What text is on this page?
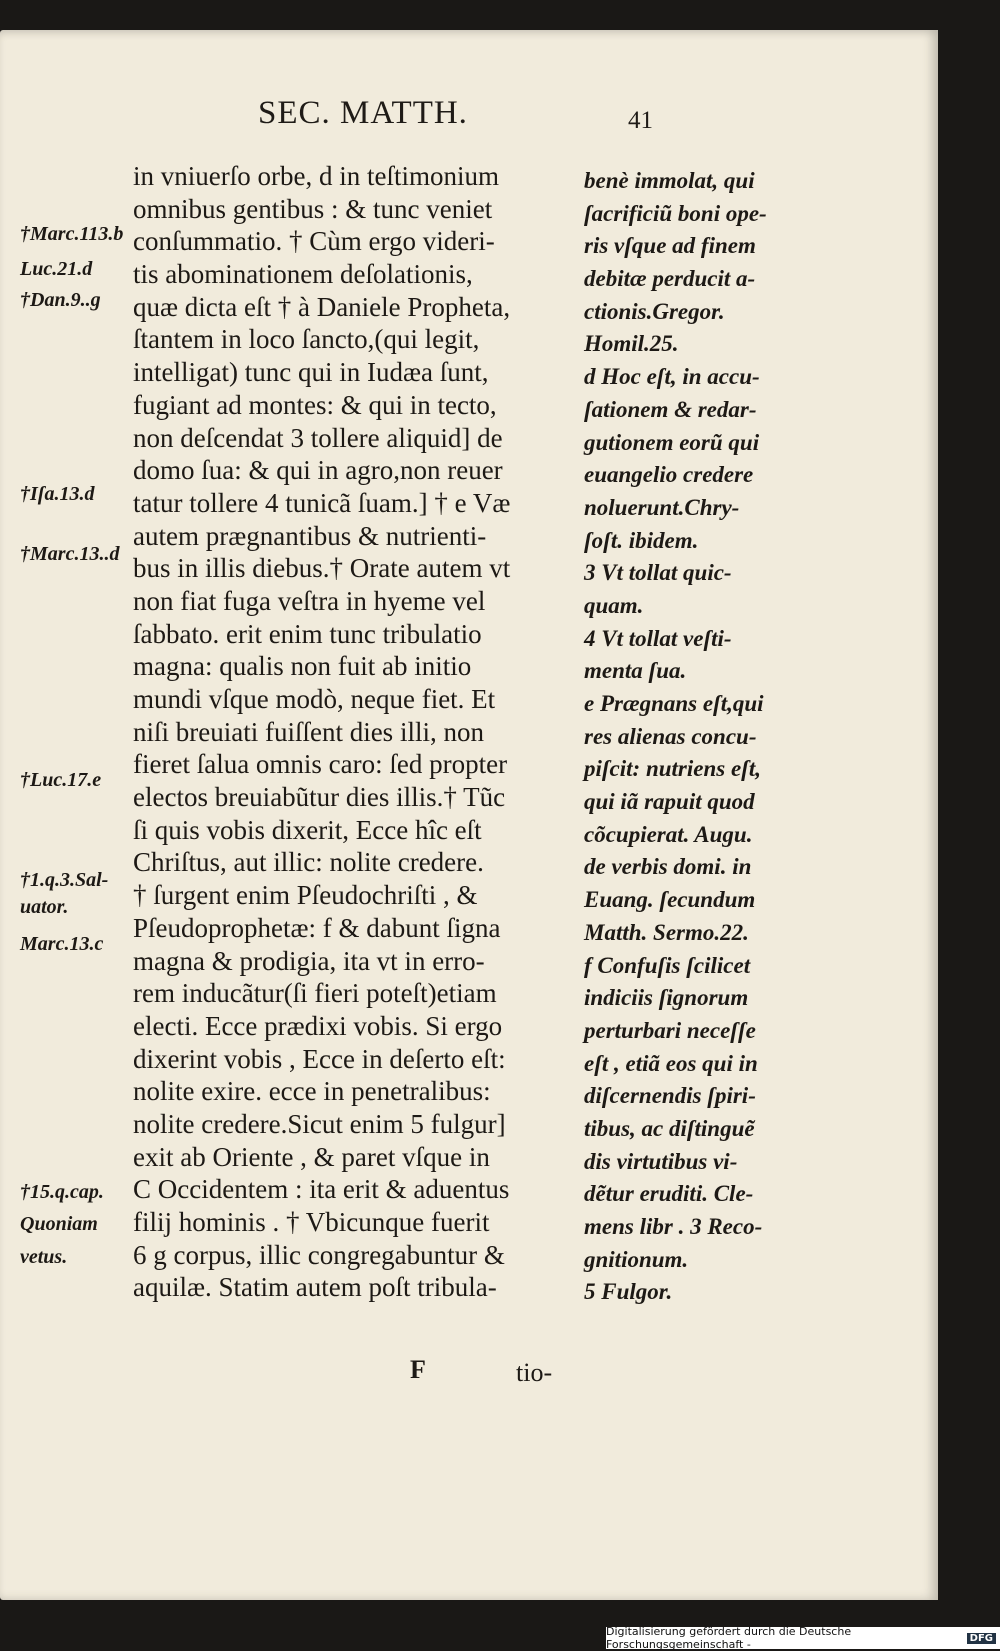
SEC. MATTH.	41
in vniuerſo orbe, d in teſtimonium
omnibus gentibus : & tunc veniet
conſummatio. † Cùm ergo videri-
tis abominationem deſolationis,
quæ dicta eſt † à Daniele Propheta,
ſtantem in loco ſancto,(qui legit,
intelligat) tunc qui in Iudæa ſunt,
fugiant ad montes: & qui in tecto,
non deſcendat 3 tollere aliquid] de
domo ſua: & qui in agro,non reuer
tatur tollere 4 tunicã ſuam.] † e Væ
autem prægnantibus & nutrienti-
bus in illis diebus.† Orate autem vt
non fiat fuga veſtra in hyeme vel
ſabbato. erit enim tunc tribulatio
magna: qualis non fuit ab initio
mundi vſque modò, neque fiet. Et
niſi breuiati fuiſſent dies illi, non
fieret ſalua omnis caro: ſed propter
electos breuiabũtur dies illis.† Tũc
ſi quis vobis dixerit, Ecce hîc eſt
Chriſtus, aut illic: nolite credere.
† ſurgent enim Pſeudochriſti , &
Pſeudoprophetæ: f & dabunt ſigna
magna & prodigia, ita vt in erro-
rem inducãtur(ſi fieri poteſt)etiam
electi. Ecce prædixi vobis. Si ergo
dixerint vobis , Ecce in deſerto eſt:
nolite exire. ecce in penetralibus:
nolite credere.Sicut enim 5 fulgur]
exit ab Oriente , & paret vſque in
C Occidentem : ita erit & aduentus
filij hominis . † Vbicunque fuerit
6 g corpus, illic congregabuntur &
aquilæ. Statim autem poſt tribula-
benè immolat, qui
ſacrificiũ boni ope-
ris vſque ad finem
debitæ perducit a-
ctionis.Gregor.
Homil.25.
d Hoc eſt, in accu-
ſationem & redar-
gutionem eorũ qui
euangelio credere
noluerunt.Chry-
ſoſt. ibidem.
3 Vt tollat quic-
quam.
4 Vt tollat veſti-
menta ſua.
e Prægnans eſt,qui
res alienas concu-
piſcit: nutriens eſt,
qui iã rapuit quod
cõcupierat. Augu.
de verbis domi. in
Euang. ſecundum
Matth. Sermo.22.
f Confuſis ſcilicet
indiciis ſignorum
perturbari neceſſe
eſt , etiã eos qui in
diſcernendis ſpiri-
tibus, ac diſtinguẽ
dis virtutibus vi-
dẽtur eruditi. Cle-
mens libr . 3 Reco-
gnitionum.
5 Fulgor.
†Marc.113.b
Luc.21.d
†Dan.9..g
†Iſa.13.d
†Marc.13..d
†Luc.17.e
†1.q.3.Sal-
uator.
Marc.13.c
†15.q.cap.
Quoniam
vetus.
F	tio-
Digitalisierung gefördert durch die Deutsche Forschungsgemeinschaft -	DFG
